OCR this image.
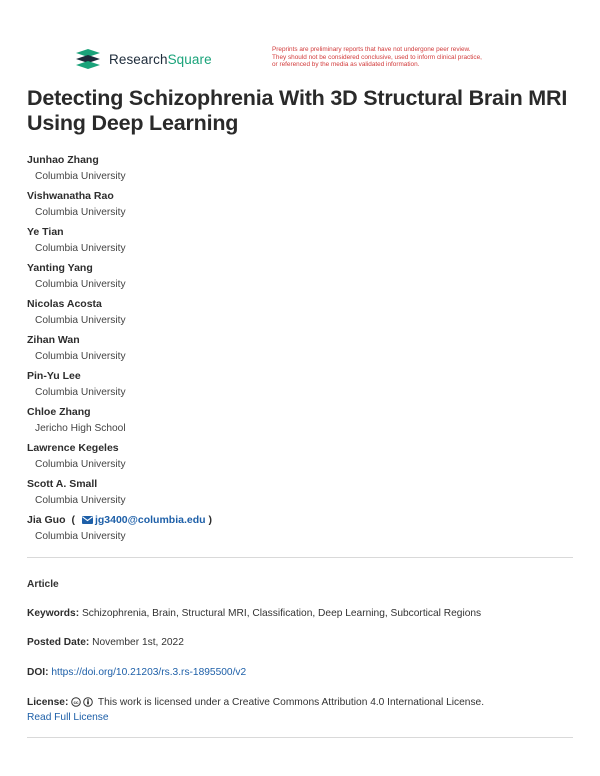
ResearchSquare
Preprints are preliminary reports that have not undergone peer review.
They should not be considered conclusive, used to inform clinical practice,
or referenced by the media as validated information.
Detecting Schizophrenia With 3D Structural Brain MRI Using Deep Learning
Junhao Zhang
Columbia University
Vishwanatha Rao
Columbia University
Ye Tian
Columbia University
Yanting Yang
Columbia University
Nicolas Acosta
Columbia University
Zihan Wan
Columbia University
Pin-Yu Lee
Columbia University
Chloe Zhang
Jericho High School
Lawrence Kegeles
Columbia University
Scott A. Small
Columbia University
Jia Guo ( jg3400@columbia.edu )
Columbia University
Article
Keywords: Schizophrenia, Brain, Structural MRI, Classification, Deep Learning, Subcortical Regions
Posted Date: November 1st, 2022
DOI: https://doi.org/10.21203/rs.3.rs-1895500/v2
License: cc This work is licensed under a Creative Commons Attribution 4.0 International License.
Read Full License
